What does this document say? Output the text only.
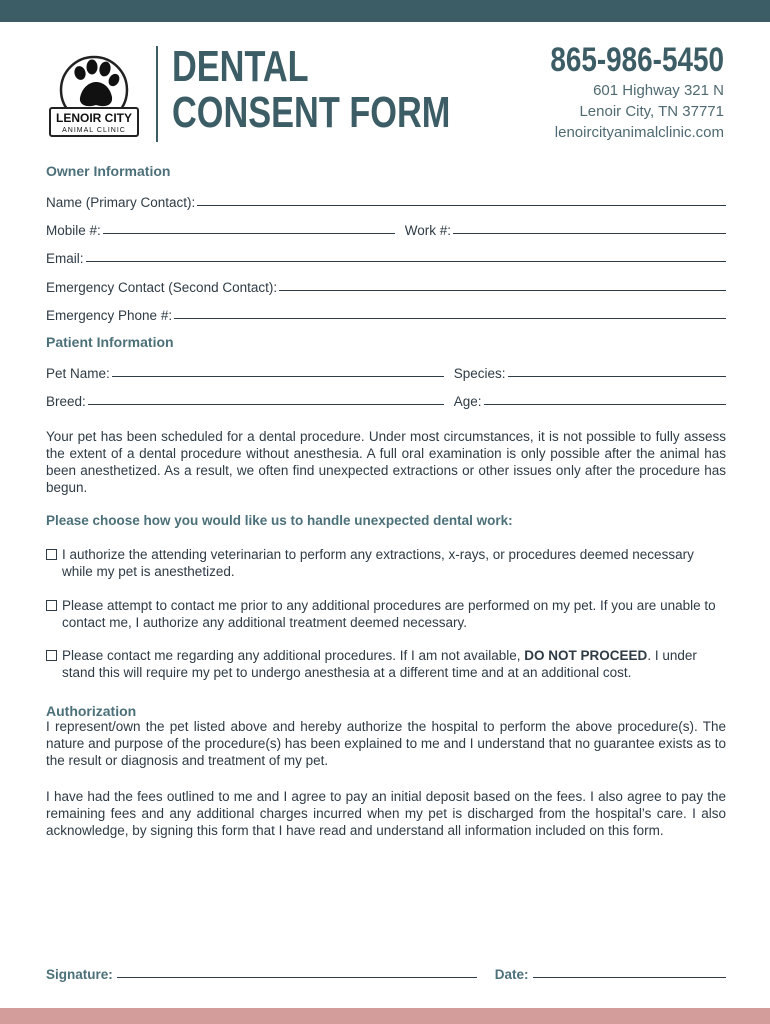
LENOIR CITY
ANIMAL CLINIC
DENTAL
CONSENT FORM
865-986-5450
601 Highway 321 N
Lenoir City, TN 37771
lenoircityanimalclinic.com
Owner Information
Name (Primary Contact):
Mobile #:	Work #:
Email:
Emergency Contact (Second Contact):
Emergency Phone #:
Patient Information
Pet Name:	Species:
Breed:	Age:

Your pet has been scheduled for a dental procedure. Under most circumstances, it is not possible to fully assess the extent of a dental procedure without anesthesia. A full oral examination is only possible after the animal has been anesthetized. As a result, we often find unexpected extractions or other issues only after the procedure has begun.

Please choose how you would like us to handle unexpected dental work:
I authorize the attending veterinarian to perform any extractions, x-rays, or procedures deemed necessary while my pet is anesthetized.
Please attempt to contact me prior to any additional procedures are performed on my pet. If you are unable to contact me, I authorize any additional treatment deemed necessary.
Please contact me regarding any additional procedures. If I am not available, DO NOT PROCEED. I under stand this will require my pet to undergo anesthesia at a different time and at an additional cost.
Authorization

I represent/own the pet listed above and hereby authorize the hospital to perform the above procedure(s). The nature and purpose of the procedure(s) has been explained to me and I understand that no guarantee exists as to the result or diagnosis and treatment of my pet.

I have had the fees outlined to me and I agree to pay an initial deposit based on the fees. I also agree to pay the remaining fees and any additional charges incurred when my pet is discharged from the hospital’s care. I also acknowledge, by signing this form that I have read and understand all information included on this form.

Signature:	Date:
